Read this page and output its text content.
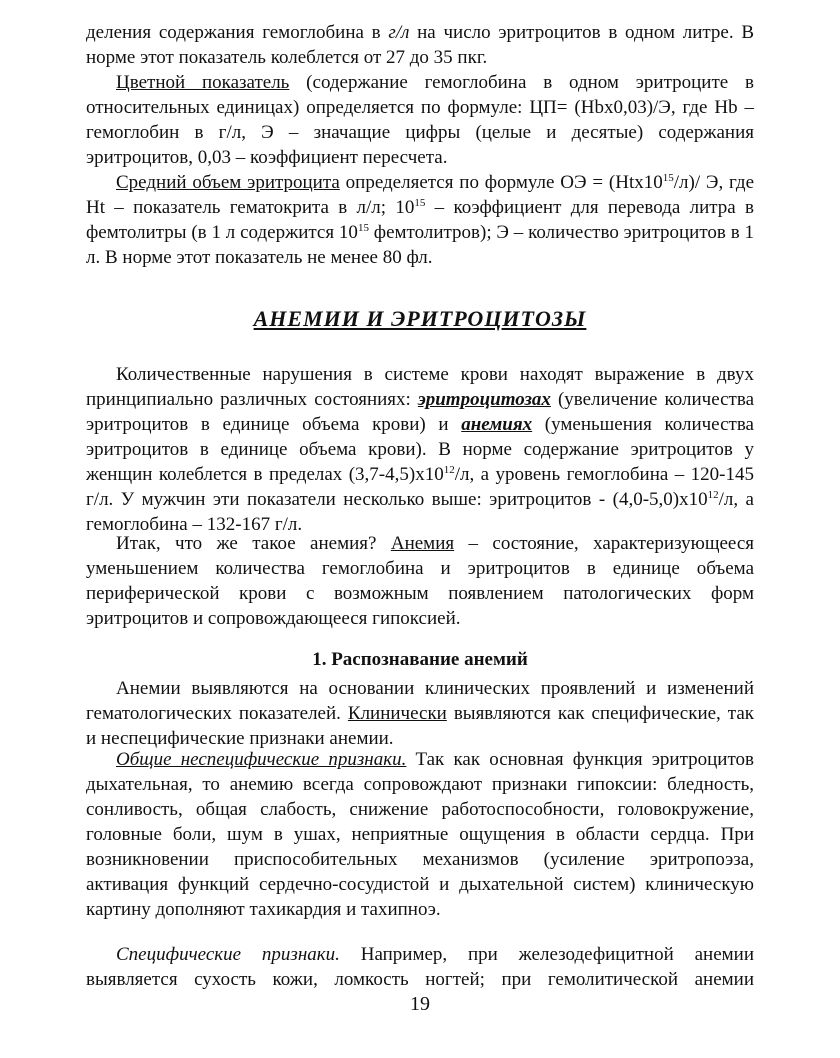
деления содержания гемоглобина в г/л на число эритроцитов в одном литре. В норме этот показатель колеблется от 27 до 35 пкг.

Цветной показатель (содержание гемоглобина в одном эритроците в относительных единицах) определяется по формуле: ЦП= (Hbх0,03)/Э, где Hb – гемоглобин в г/л, Э – значащие цифры (целые и десятые) содержания эритроцитов, 0,03 – коэффициент пересчета.

Средний объем эритроцита определяется по формуле ОЭ = $(Htх10^{15}/л)/$ Э, где Ht – показатель гематокрита в л/л; $10^{15}$ – коэффициент для перевода литра в фемтолитры (в 1 л содержится $10^{15}$ фемтолитров); Э – количество эритроцитов в 1 л. В норме этот показатель не менее 80 фл.

АНЕМИИ И ЭРИТРОЦИТОЗЫ

Количественные нарушения в системе крови находят выражение в двух принципиально различных состояниях: эритроцитозах (увеличение количества эритроцитов в единице объема крови) и анемиях (уменьшения количества эритроцитов в единице объема крови). В норме содержание эритроцитов у женщин колеблется в пределах $(3,7-4,5)х10^{12}/л$, а уровень гемоглобина – 120-145 г/л. У мужчин эти показатели несколько выше: эритроцитов - $(4,0-5,0)х10^{12}/л$, а гемоглобина – 132-167 г/л.

Итак, что же такое анемия? Анемия – состояние, характеризующееся уменьшением количества гемоглобина и эритроцитов в единице объема периферической крови с возможным появлением патологических форм эритроцитов и сопровождающееся гипоксией.

1. Распознавание анемий

Анемии выявляются на основании клинических проявлений и изменений гематологических показателей. Клинически выявляются как специфические, так и неспецифические признаки анемии.

Общие неспецифические признаки. Так как основная функция эритроцитов дыхательная, то анемию всегда сопровождают признаки гипоксии: бледность, сонливость, общая слабость, снижение работоспособности, головокружение, головные боли, шум в ушах, неприятные ощущения в области сердца. При возникновении приспособительных механизмов (усиление эритропоэза, активация функций сердечно-сосудистой и дыхательной систем) клиническую картину дополняют тахикардия и тахипноэ.

Специфические признаки. Например, при железодефицитной анемии выявляется сухость кожи, ломкость ногтей; при гемолитической анемии

19
